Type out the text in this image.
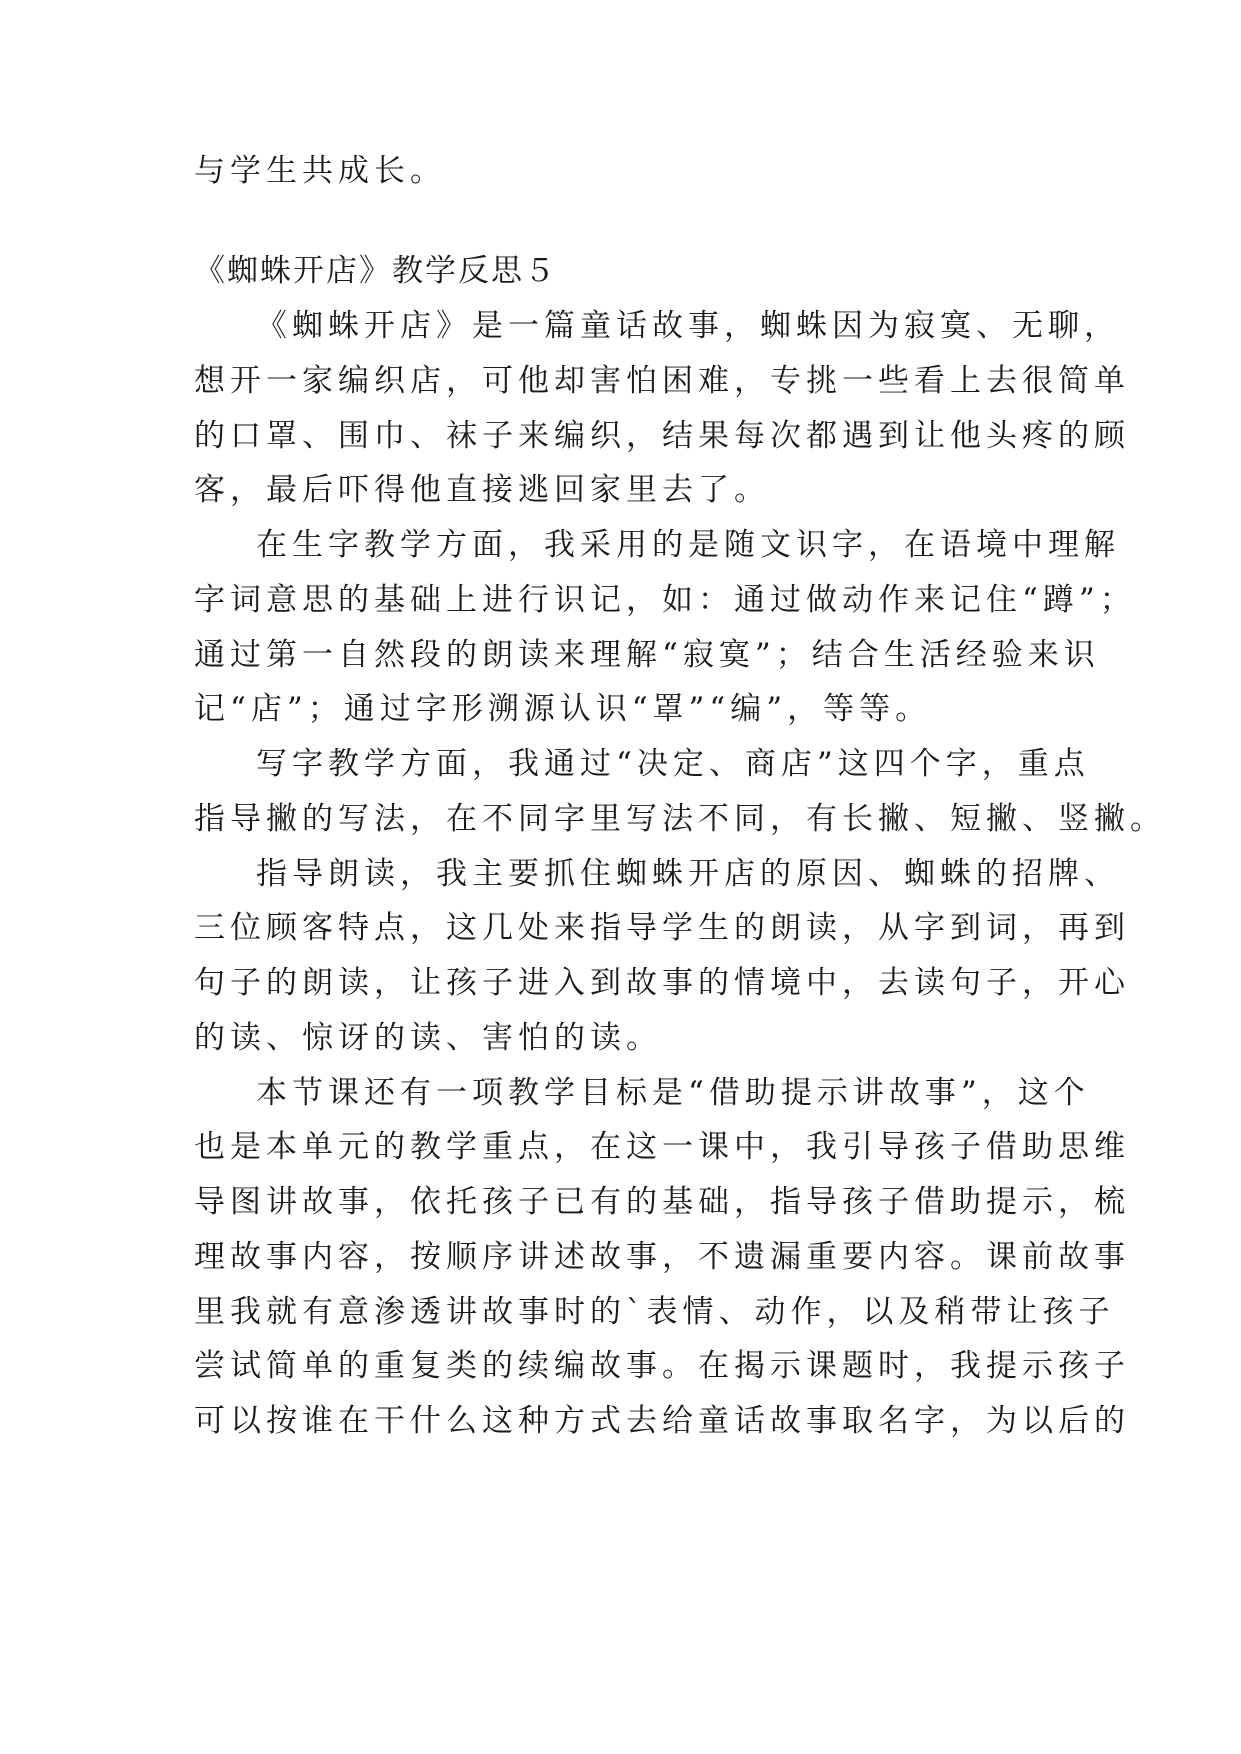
与学生共成长。

《蜘蛛开店》教学反思５

《蜘蛛开店》是一篇童话故事，蜘蛛因为寂寞、无聊，

想开一家编织店，可他却害怕困难，专挑一些看上去很简单

的口罩、围巾、袜子来编织，结果每次都遇到让他头疼的顾

客，最后吓得他直接逃回家里去了。

在生字教学方面，我采用的是随文识字，在语境中理解

字词意思的基础上进行识记，如：通过做动作来记住“蹲”；

通过第一自然段的朗读来理解“寂寞”；结合生活经验来识

记“店”；通过字形溯源认识“罩”“编”，等等。

写字教学方面，我通过“决定、商店”这四个字，重点

指导撇的写法，在不同字里写法不同，有长撇、短撇、竖撇。

指导朗读，我主要抓住蜘蛛开店的原因、蜘蛛的招牌、

三位顾客特点，这几处来指导学生的朗读，从字到词，再到

句子的朗读，让孩子进入到故事的情境中，去读句子，开心

的读、惊讶的读、害怕的读。

本节课还有一项教学目标是“借助提示讲故事”，这个

也是本单元的教学重点，在这一课中，我引导孩子借助思维

导图讲故事，依托孩子已有的基础，指导孩子借助提示，梳

理故事内容，按顺序讲述故事，不遗漏重要内容。课前故事

里我就有意渗透讲故事时的`表情、动作，以及稍带让孩子

尝试简单的重复类的续编故事。在揭示课题时，我提示孩子

可以按谁在干什么这种方式去给童话故事取名字，为以后的
